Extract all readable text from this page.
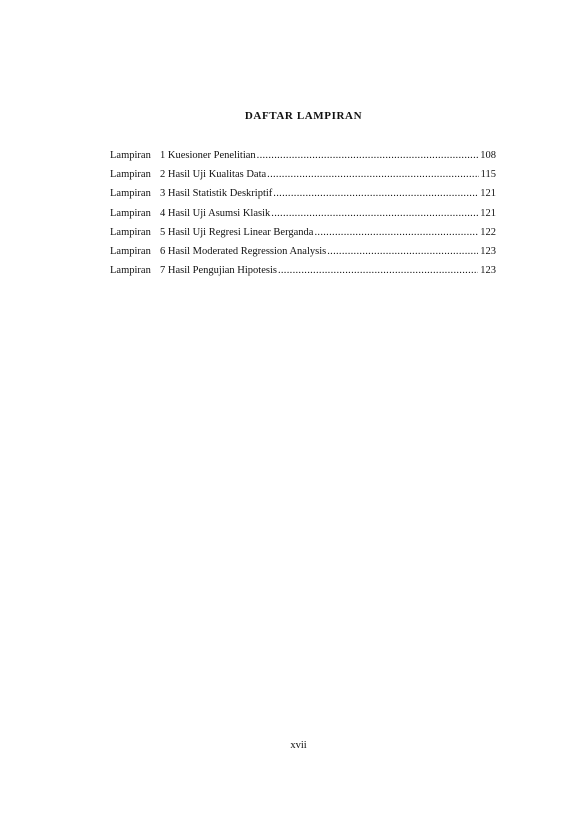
DAFTAR LAMPIRAN
Lampiran 1 Kuesioner Penelitian .....	108
Lampiran 2 Hasil Uji Kualitas Data .....	115
Lampiran 3 Hasil Statistik Deskriptif .....	121
Lampiran 4 Hasil Uji Asumsi Klasik .....	121
Lampiran 5 Hasil Uji Regresi Linear Berganda .....	122
Lampiran 6 Hasil Moderated Regression Analysis .....	123
Lampiran 7 Hasil Pengujian Hipotesis .....	123
xvii
